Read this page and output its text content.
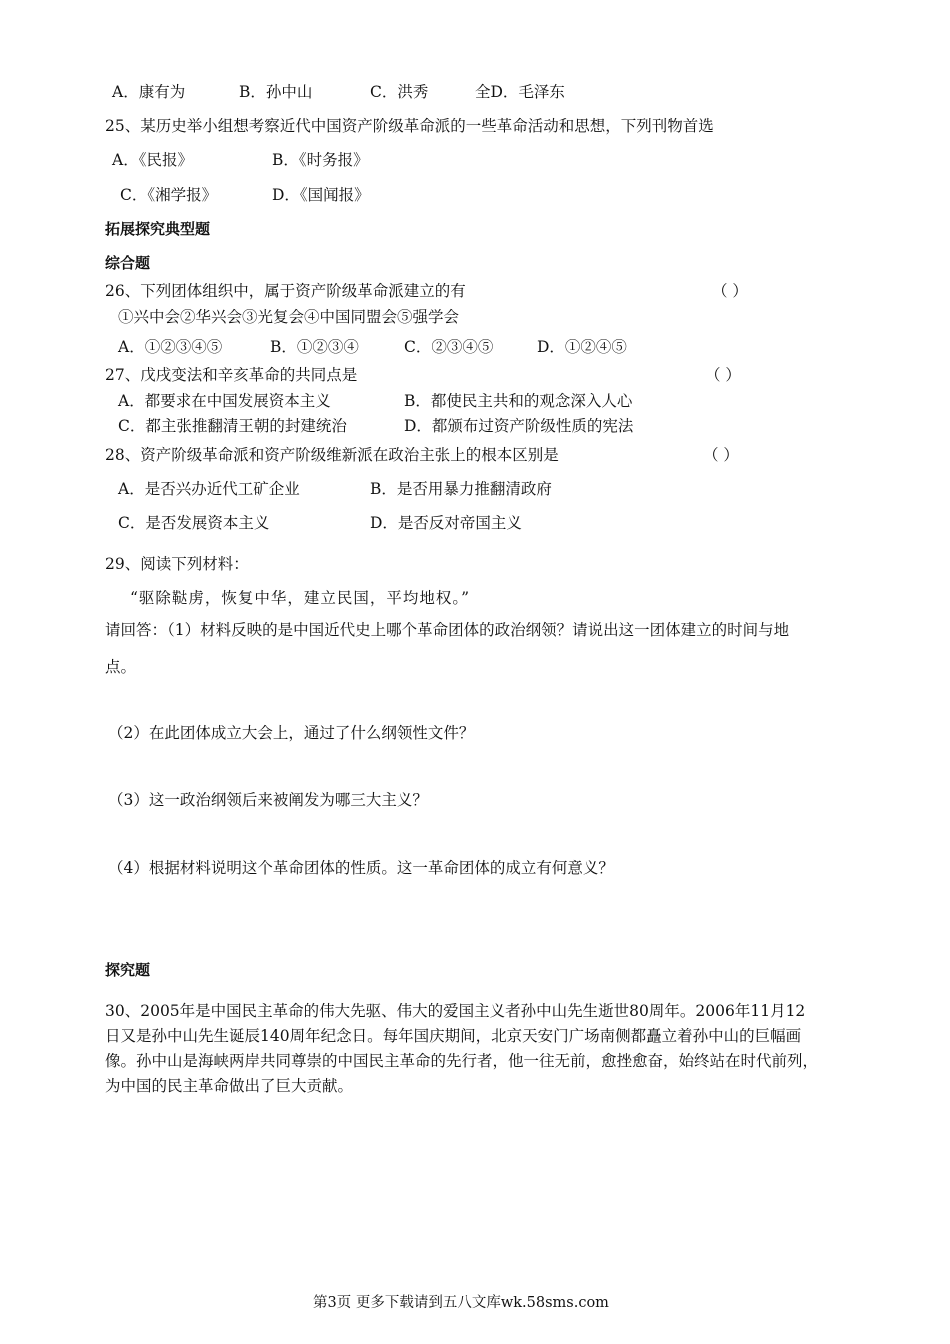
A．康有为	B．孙中山	C．洪秀	全D．毛泽东
25、某历史举小组想考察近代中国资产阶级革命派的一些革命活动和思想，下列刊物首选
A．《民报》	B．《时务报》
C．《湘学报》	D．《国闻报》
拓展探究典型题
综合题
26、下列团体组织中，属于资产阶级革命派建立的有	（ ）
①兴中会②华兴会③光复会④中国同盟会⑤强学会
A．①②③④⑤	B．①②③④	C．②③④⑤	D．①②④⑤
27、戊戌变法和辛亥革命的共同点是	（ ）
A．都要求在中国发展资本主义	B．都使民主共和的观念深入人心
C．都主张推翻清王朝的封建统治	D．都颁布过资产阶级性质的宪法
28、资产阶级革命派和资产阶级维新派在政治主张上的根本区别是	（ ）
A．是否兴办近代工矿企业	B．是否用暴力推翻清政府
C．是否发展资本主义	D．是否反对帝国主义
29、阅读下列材料：
“驱除鞑虏，恢复中华，建立民国，平均地权。”
请回答：（1）材料反映的是中国近代史上哪个革命团体的政治纲领？请说出这一团体建立的时间与地
点。
（2）在此团体成立大会上，通过了什么纲领性文件？
（3）这一政治纲领后来被阐发为哪三大主义？
（4）根据材料说明这个革命团体的性质。这一革命团体的成立有何意义？
探究题
30、2005年是中国民主革命的伟大先驱、伟大的爱国主义者孙中山先生逝世80周年。2006年11月12
日又是孙中山先生诞辰140周年纪念日。每年国庆期间，北京天安门广场南侧都矗立着孙中山的巨幅画
像。孙中山是海峡两岸共同尊崇的中国民主革命的先行者，他一往无前，愈挫愈奋，始终站在时代前列，
为中国的民主革命做出了巨大贡献。
第3页 更多下载请到五八文库wk.58sms.com
